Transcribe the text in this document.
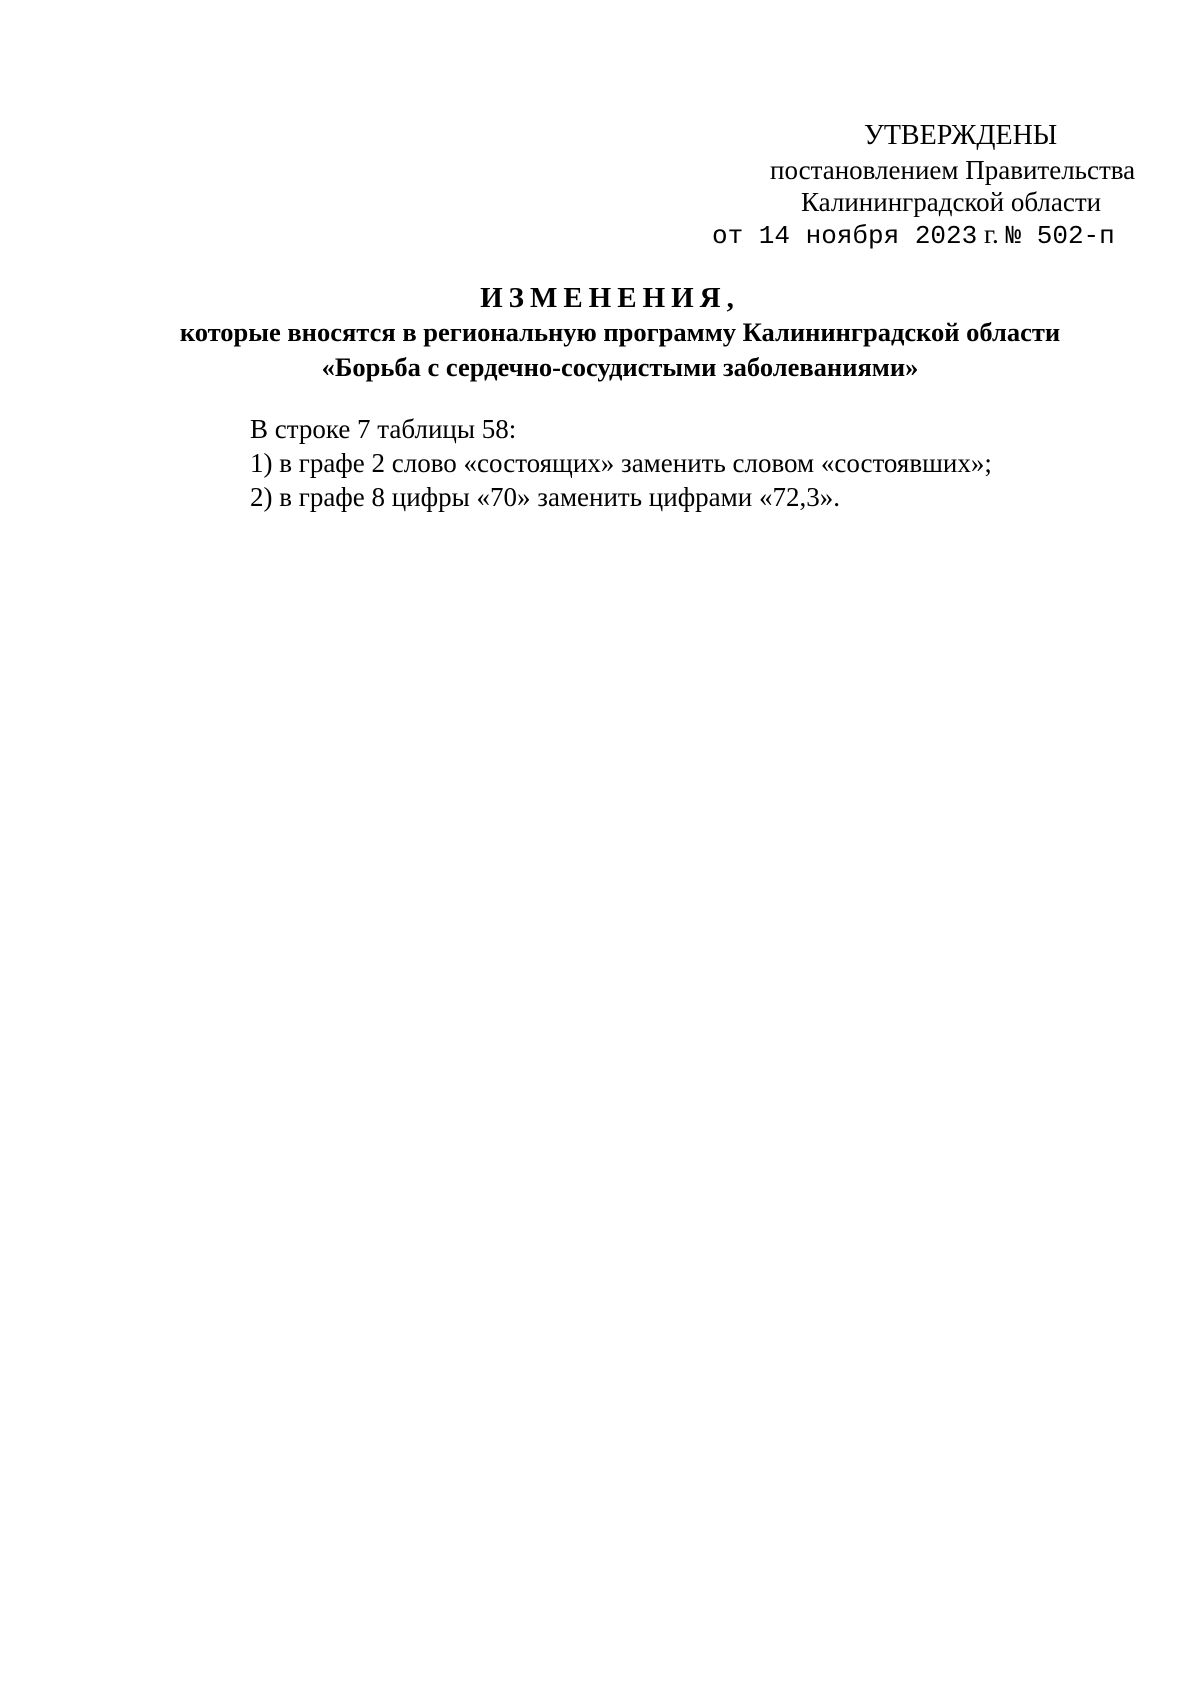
УТВЕРЖДЕНЫ
постановлением Правительства
Калининградской области
от 14 ноября 2023 г. № 502-п
ИЗМЕНЕНИЯ,
которые вносятся в региональную программу Калининградской области
«Борьба с сердечно-сосудистыми заболеваниями»
В строке 7 таблицы 58:
1) в графе 2 слово «состоящих» заменить словом «состоявших»;
2) в графе 8 цифры «70» заменить цифрами «72,3».
